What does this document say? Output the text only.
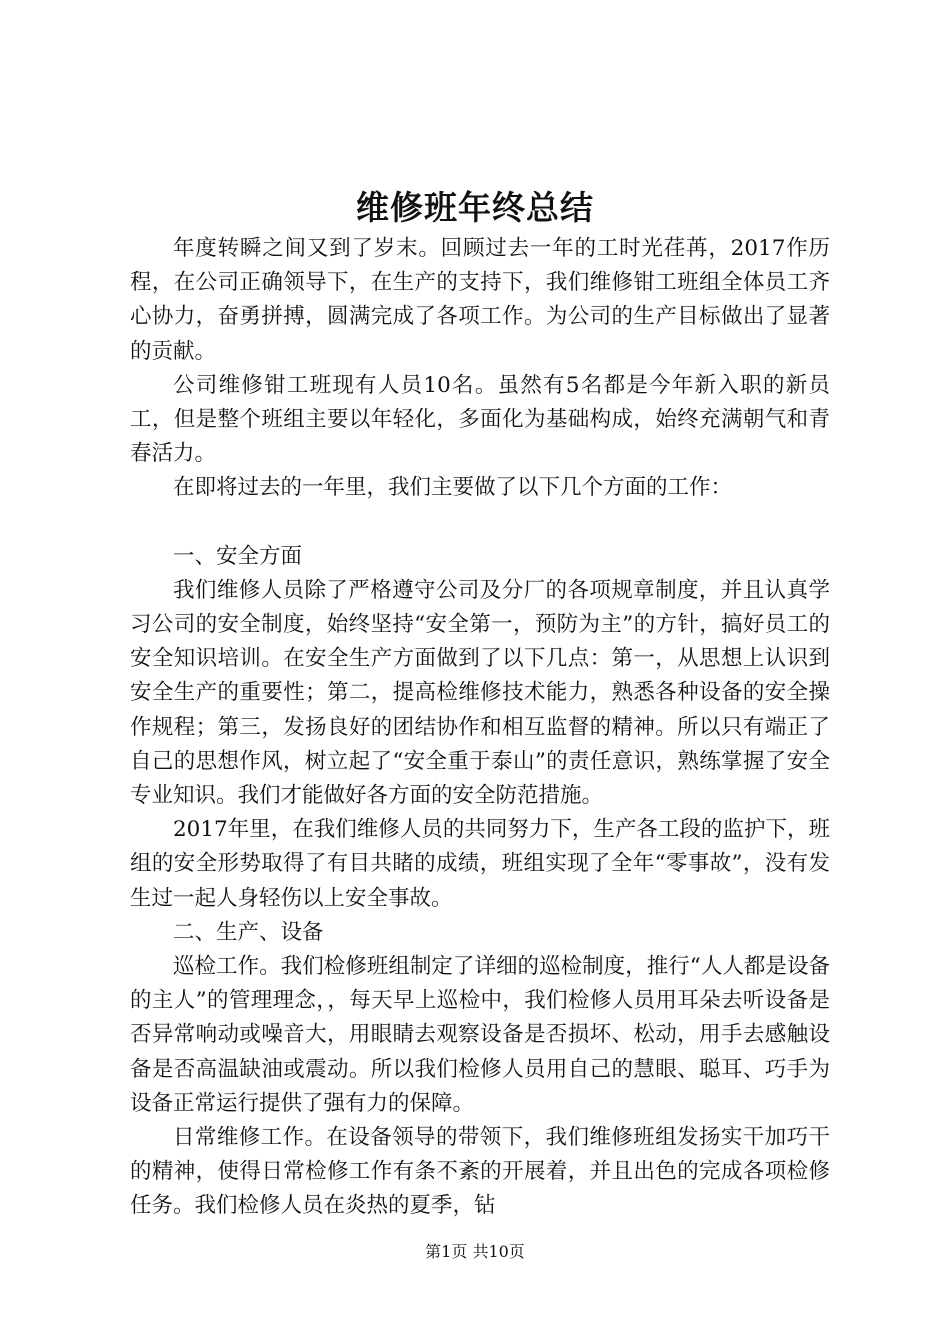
维修班年终总结

年度转瞬之间又到了岁末。回顾过去一年的工时光荏苒，2017作历程，在公司正确领导下，在生产的支持下，我们维修钳工班组全体员工齐心协力，奋勇拼搏，圆满完成了各项工作。为公司的生产目标做出了显著的贡献。

公司维修钳工班现有人员10名。虽然有5名都是今年新入职的新员工，但是整个班组主要以年轻化，多面化为基础构成，始终充满朝气和青春活力。

在即将过去的一年里，我们主要做了以下几个方面的工作：

一、安全方面

我们维修人员除了严格遵守公司及分厂的各项规章制度，并且认真学习公司的安全制度，始终坚持“安全第一，预防为主”的方针，搞好员工的安全知识培训。在安全生产方面做到了以下几点：第一，从思想上认识到安全生产的重要性；第二，提高检维修技术能力，熟悉各种设备的安全操作规程；第三，发扬良好的团结协作和相互监督的精神。所以只有端正了自己的思想作风，树立起了“安全重于泰山”的责任意识，熟练掌握了安全专业知识。我们才能做好各方面的安全防范措施。

2017年里，在我们维修人员的共同努力下，生产各工段的监护下，班组的安全形势取得了有目共睹的成绩，班组实现了全年“零事故”，没有发生过一起人身轻伤以上安全事故。

二、生产、设备

巡检工作。我们检修班组制定了详细的巡检制度，推行“人人都是设备的主人”的管理理念，，每天早上巡检中，我们检修人员用耳朵去听设备是否异常响动或噪音大，用眼睛去观察设备是否损坏、松动，用手去感触设备是否高温缺油或震动。所以我们检修人员用自己的慧眼、聪耳、巧手为设备正常运行提供了强有力的保障。

日常维修工作。在设备领导的带领下，我们维修班组发扬实干加巧干的精神，使得日常检修工作有条不紊的开展着，并且出色的完成各项检修任务。我们检修人员在炎热的夏季，钻

第1页 共10页
